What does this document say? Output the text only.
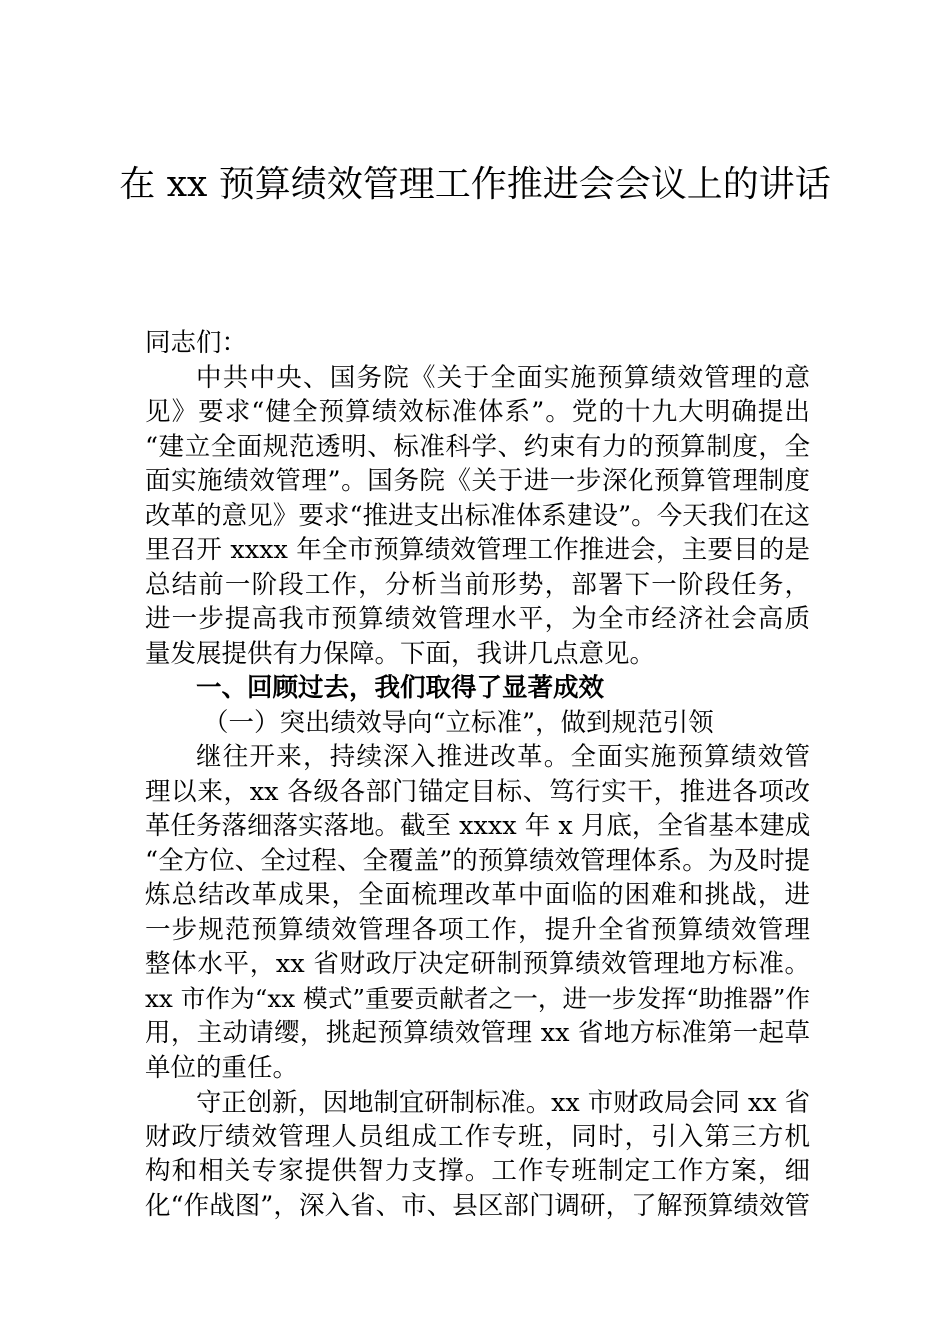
在 xx 预算绩效管理工作推进会会议上的讲话
同志们：
中共中央、国务院《关于全面实施预算绩效管理的意
见》要求“健全预算绩效标准体系”。党的十九大明确提出
“建立全面规范透明、标准科学、约束有力的预算制度，全
面实施绩效管理”。国务院《关于进一步深化预算管理制度
改革的意见》要求“推进支出标准体系建设”。今天我们在这
里召开 xxxx 年全市预算绩效管理工作推进会，主要目的是
总结前一阶段工作，分析当前形势，部署下一阶段任务，
进一步提高我市预算绩效管理水平，为全市经济社会高质
量发展提供有力保障。下面，我讲几点意见。
一、回顾过去，我们取得了显著成效
（一）突出绩效导向“立标准”，做到规范引领
继往开来，持续深入推进改革。全面实施预算绩效管
理以来，xx 各级各部门锚定目标、笃行实干，推进各项改
革任务落细落实落地。截至 xxxx 年 x 月底，全省基本建成
“全方位、全过程、全覆盖”的预算绩效管理体系。为及时提
炼总结改革成果，全面梳理改革中面临的困难和挑战，进
一步规范预算绩效管理各项工作，提升全省预算绩效管理
整体水平，xx 省财政厅决定研制预算绩效管理地方标准。
xx 市作为“xx 模式”重要贡献者之一，进一步发挥“助推器”作
用，主动请缨，挑起预算绩效管理 xx 省地方标准第一起草
单位的重任。
守正创新，因地制宜研制标准。xx 市财政局会同 xx 省
财政厅绩效管理人员组成工作专班，同时，引入第三方机
构和相关专家提供智力支撑。工作专班制定工作方案，细
化“作战图”，深入省、市、县区部门调研，了解预算绩效管
